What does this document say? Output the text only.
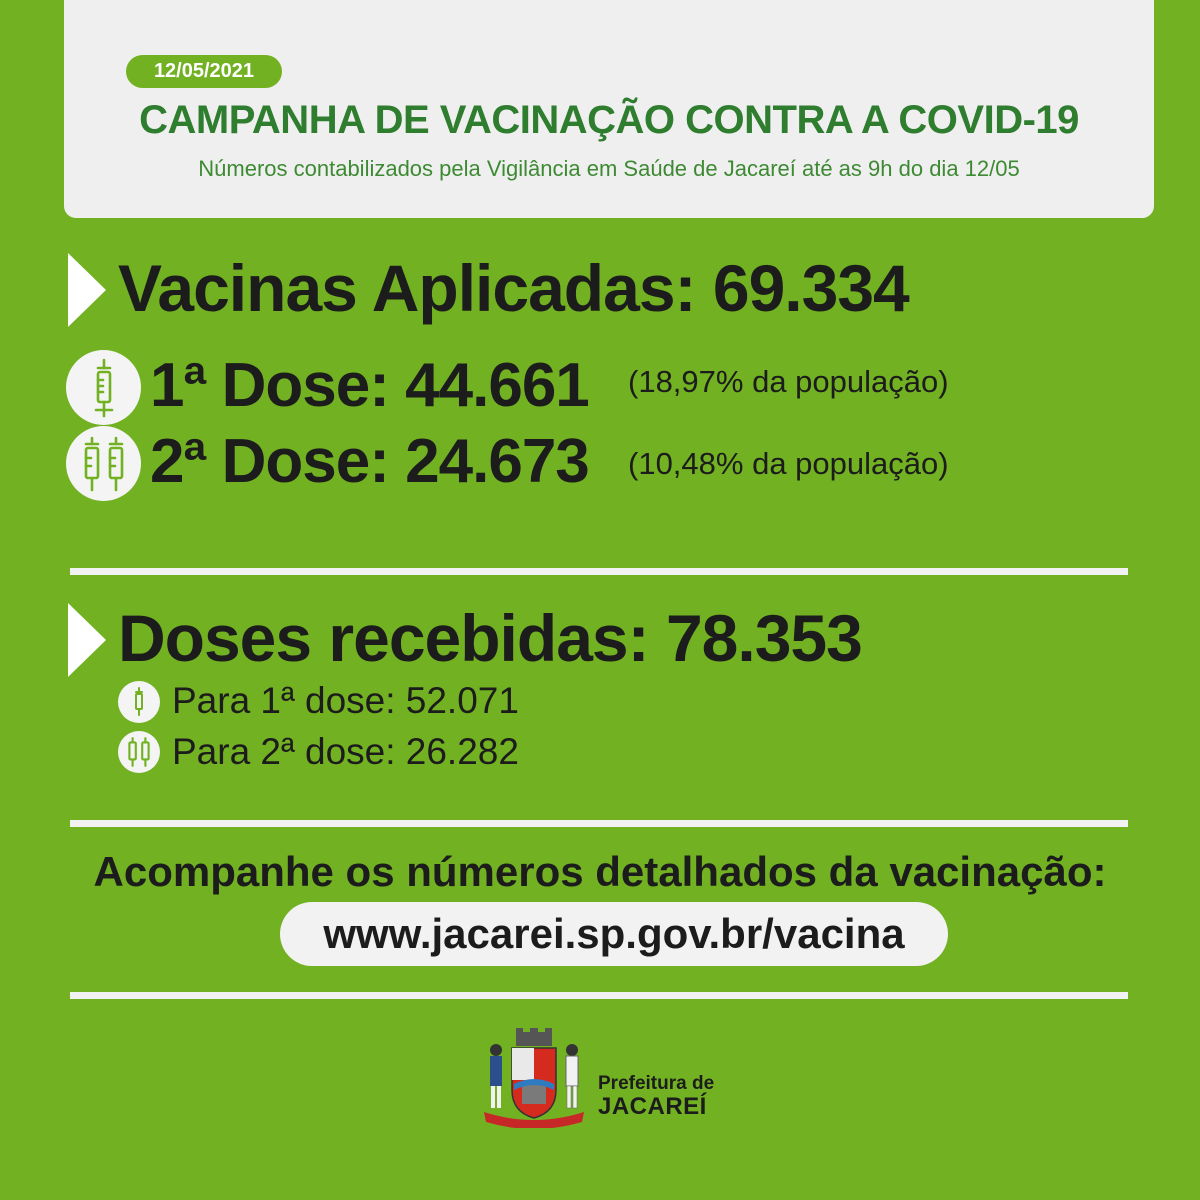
12/05/2021
CAMPANHA DE VACINAÇÃO CONTRA A COVID-19
Números contabilizados pela Vigilância em Saúde de Jacareí até as 9h do dia 12/05
Vacinas Aplicadas: 69.334
1ª Dose: 44.661 (18,97% da população)
2ª Dose: 24.673 (10,48% da população)
Doses recebidas: 78.353
Para 1ª dose: 52.071
Para 2ª dose: 26.282
Acompanhe os números detalhados da vacinação:
www.jacarei.sp.gov.br/vacina
Prefeitura de
JACAREÍ
